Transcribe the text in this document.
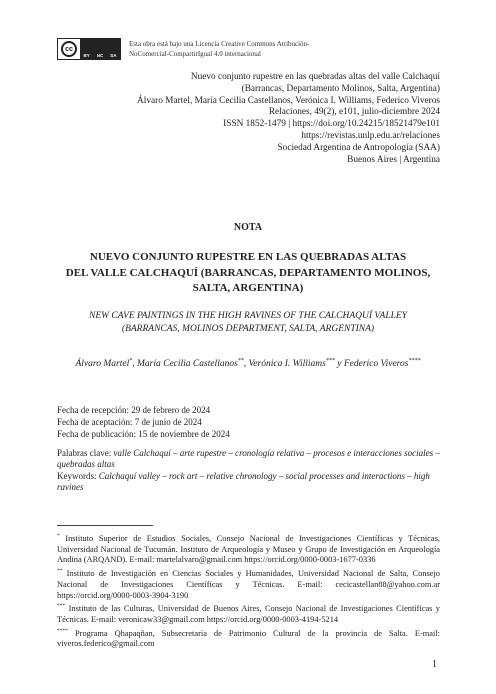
cc
BY NC SA
Esta obra está bajo una Licencia Creative Commons Atribución-
NoComercial-CompartirIgual 4.0 internacional
Nuevo conjunto rupestre en las quebradas altas del valle Calchaquí
(Barrancas, Departamento Molinos, Salta, Argentina)
Álvaro Martel, María Cecilia Castellanos, Verónica I. Williams, Federico Viveros
Relaciones, 49(2), e101, julio-diciembre 2024
ISSN 1852-1479 | https://doi.org/10.24215/18521479e101
https://revistas.unlp.edu.ar/relaciones
Sociedad Argentina de Antropología (SAA)
Buenos Aires | Argentina
NOTA
NUEVO CONJUNTO RUPESTRE EN LAS QUEBRADAS ALTAS
DEL VALLE CALCHAQUÍ (BARRANCAS, DEPARTAMENTO MOLINOS,
SALTA, ARGENTINA)
NEW CAVE PAINTINGS IN THE HIGH RAVINES OF THE CALCHAQUÍ VALLEY
(BARRANCAS, MOLINOS DEPARTMENT, SALTA, ARGENTINA)
Álvaro Martel*, María Cecilia Castellanos**, Verónica I. Williams*** y Federico Viveros****
Fecha de recepción: 29 de febrero de 2024
Fecha de aceptación: 7 de junio de 2024
Fecha de publicación: 15 de noviembre de 2024
Palabras clave: valle Calchaquí – arte rupestre – cronología relativa – procesos e interacciones sociales – quebradas altas
Keywords: Calchaquí valley – rock art – relative chronology – social processes and interactions – high ravines

* Instituto Superior de Estudios Sociales, Consejo Nacional de Investigaciones Científicas y Técnicas, Universidad Nacional de Tucumán. Instituto de Arqueología y Museo y Grupo de Investigación en Arqueología Andina (ARQAND). E-mail: martelalvaro@gmail.com https://orcid.org/0000-0003-1677-0336

** Instituto de Investigación en Ciencias Sociales y Humanidades, Universidad Nacional de Salta, Consejo Nacional de Investigaciones Científicas y Técnicas. E-mail: cecicastellan88@yahoo.com.ar https://orcid.org/0000-0003-3904-3190

*** Instituto de las Culturas, Universidad de Buenos Aires, Consejo Nacional de Investigaciones Científicas y Técnicas. E-mail: veronicaw33@gmail.com https://orcid.org/0000-0003-4194-5214

**** Programa Qhapaqñan, Subsecretaría de Patrimonio Cultural de la provincia de Salta. E-mail: viveros.federico@gmail.com

1
